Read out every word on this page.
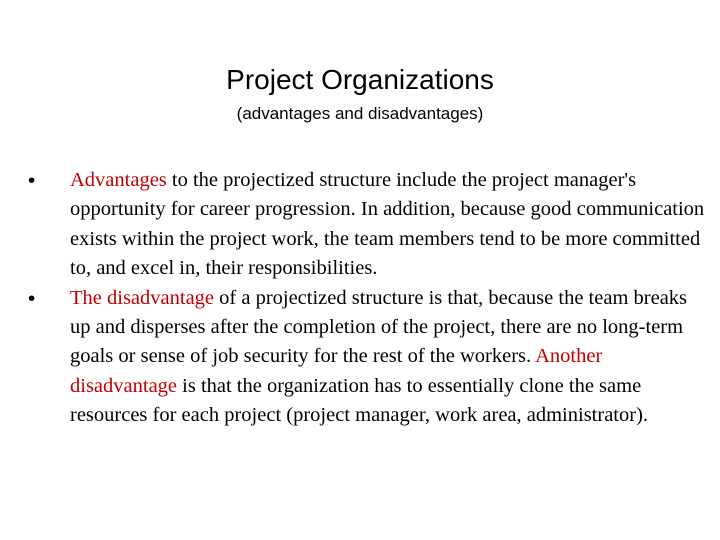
Project Organizations
(advantages and disadvantages)
• Advantages to the projectized structure include the project manager's opportunity for career progression. In addition, because good communication exists within the project work, the team members tend to be more committed to, and excel in, their responsibilities.
• The disadvantage of a projectized structure is that, because the team breaks up and disperses after the completion of the project, there are no long-term goals or sense of job security for the rest of the workers. Another disadvantage is that the organization has to essentially clone the same resources for each project (project manager, work area, administrator).
